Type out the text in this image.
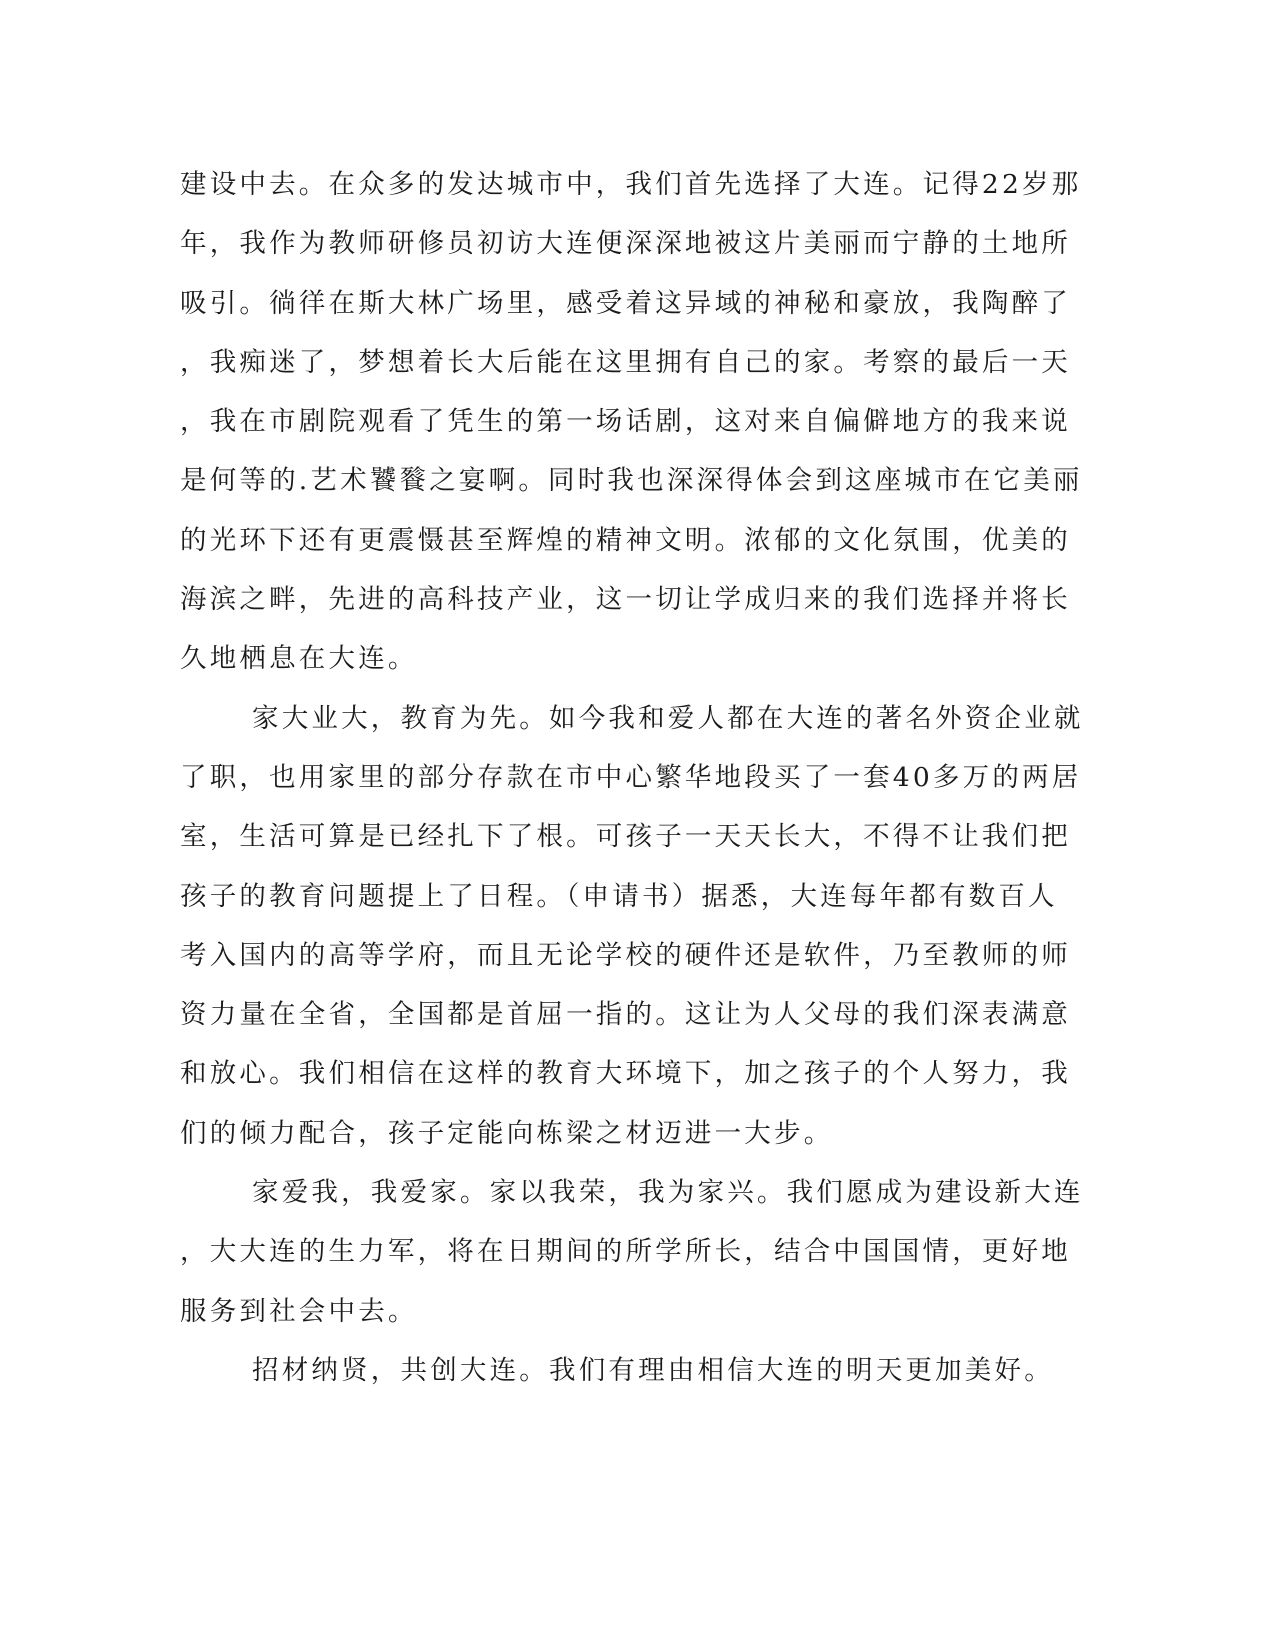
建设中去。在众多的发达城市中，我们首先选择了大连。记得22岁那
年，我作为教师研修员初访大连便深深地被这片美丽而宁静的土地所
吸引。徜徉在斯大林广场里，感受着这异域的神秘和豪放，我陶醉了
，我痴迷了，梦想着长大后能在这里拥有自己的家。考察的最后一天
，我在市剧院观看了凭生的第一场话剧，这对来自偏僻地方的我来说
是何等的.艺术饕餮之宴啊。同时我也深深得体会到这座城市在它美丽
的光环下还有更震慑甚至辉煌的精神文明。浓郁的文化氛围，优美的
海滨之畔，先进的高科技产业，这一切让学成归来的我们选择并将长
久地栖息在大连。

家大业大，教育为先。如今我和爱人都在大连的著名外资企业就
了职，也用家里的部分存款在市中心繁华地段买了一套40多万的两居
室，生活可算是已经扎下了根。可孩子一天天长大，不得不让我们把
孩子的教育问题提上了日程。（申请书）据悉，大连每年都有数百人
考入国内的高等学府，而且无论学校的硬件还是软件，乃至教师的师
资力量在全省，全国都是首屈一指的。这让为人父母的我们深表满意
和放心。我们相信在这样的教育大环境下，加之孩子的个人努力，我
们的倾力配合，孩子定能向栋梁之材迈进一大步。

家爱我，我爱家。家以我荣，我为家兴。我们愿成为建设新大连
，大大连的生力军，将在日期间的所学所长，结合中国国情，更好地
服务到社会中去。

招材纳贤，共创大连。我们有理由相信大连的明天更加美好。
